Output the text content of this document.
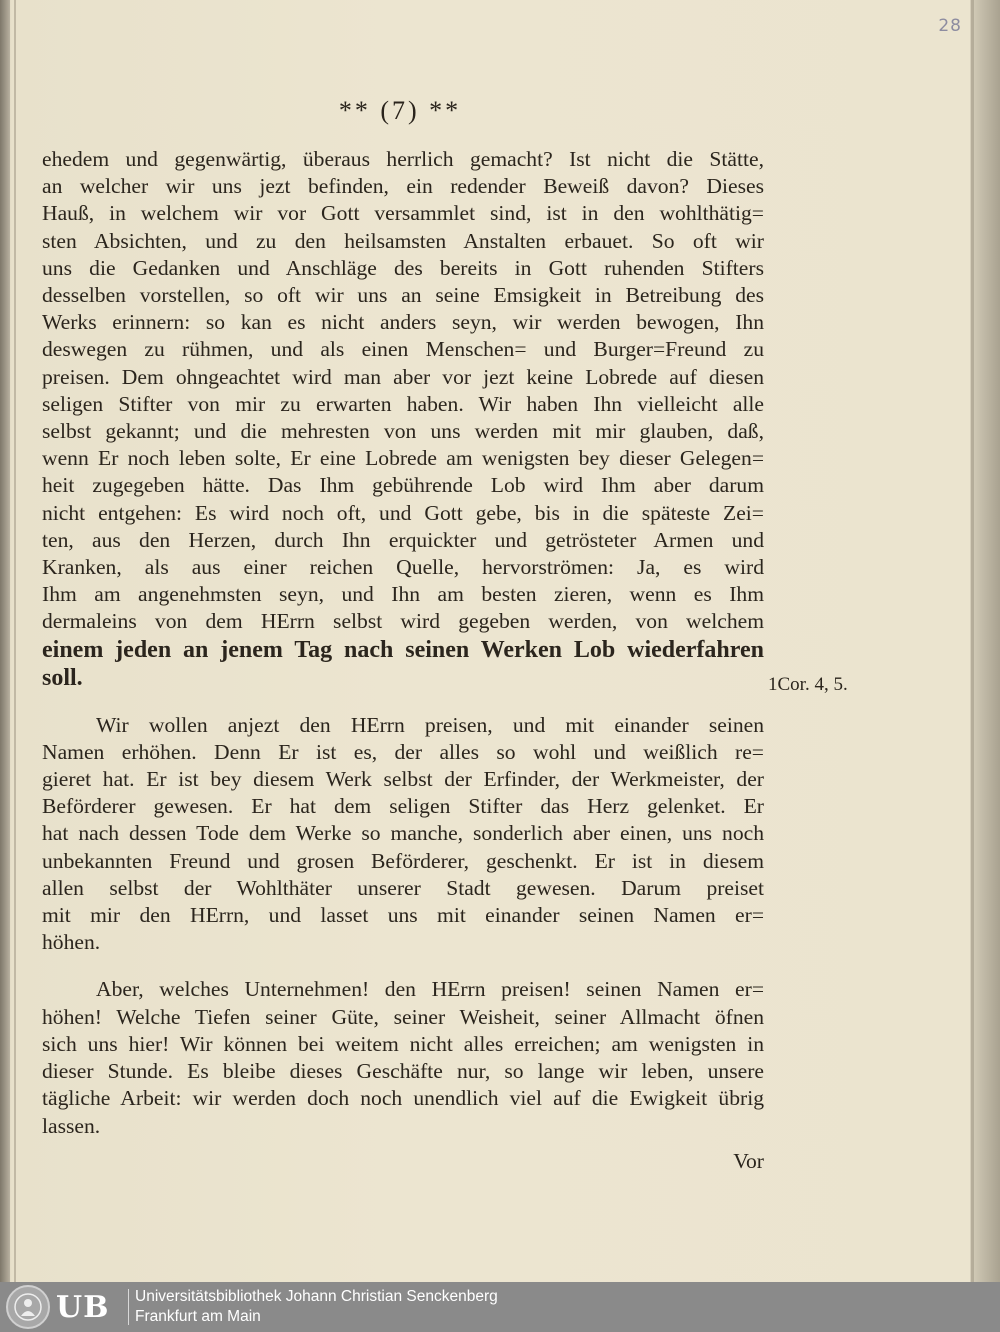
28
** (7) **
ehedem und gegenwärtig, überaus herrlich gemacht? Ist nicht die Stätte,
an welcher wir uns jezt befinden, ein redender Beweiß davon? Dieses
Hauß, in welchem wir vor Gott versammlet sind, ist in den wohlthätig=
sten Absichten, und zu den heilsamsten Anstalten erbauet. So oft wir
uns die Gedanken und Anschläge des bereits in Gott ruhenden Stifters
desselben vorstellen, so oft wir uns an seine Emsigkeit in Betreibung des
Werks erinnern: so kan es nicht anders seyn, wir werden bewogen, Ihn
deswegen zu rühmen, und als einen Menschen= und Burger=Freund zu
preisen. Dem ohngeachtet wird man aber vor jezt keine Lobrede auf diesen
seligen Stifter von mir zu erwarten haben. Wir haben Ihn vielleicht alle
selbst gekannt; und die mehresten von uns werden mit mir glauben, daß,
wenn Er noch leben solte, Er eine Lobrede am wenigsten bey dieser Gelegen=
heit zugegeben hätte. Das Ihm gebührende Lob wird Ihm aber darum
nicht entgehen: Es wird noch oft, und Gott gebe, bis in die späteste Zei=
ten, aus den Herzen, durch Ihn erquickter und getrösteter Armen und
Kranken, als aus einer reichen Quelle, hervorströmen: Ja, es wird
Ihm am angenehmsten seyn, und Ihn am besten zieren, wenn es Ihm
dermaleins von dem HErrn selbst wird gegeben werden, von welchem
einem jeden an jenem Tag nach seinen Werken Lob wiederfahren
soll.
Wir wollen anjezt den HErrn preisen, und mit einander seinen
Namen erhöhen. Denn Er ist es, der alles so wohl und weißlich re=
gieret hat. Er ist bey diesem Werk selbst der Erfinder, der Werkmeister, der
Beförderer gewesen. Er hat dem seligen Stifter das Herz gelenket. Er
hat nach dessen Tode dem Werke so manche, sonderlich aber einen, uns noch
unbekannten Freund und grosen Beförderer, geschenkt. Er ist in diesem
allen selbst der Wohlthäter unserer Stadt gewesen. Darum preiset
mit mir den HErrn, und lasset uns mit einander seinen Namen er=
höhen.
Aber, welches Unternehmen! den HErrn preisen! seinen Namen er=
höhen! Welche Tiefen seiner Güte, seiner Weisheit, seiner Allmacht öfnen
sich uns hier! Wir können bei weitem nicht alles erreichen; am wenigsten in
dieser Stunde. Es bleibe dieses Geschäfte nur, so lange wir leben, unsere
tägliche Arbeit: wir werden doch noch unendlich viel auf die Ewigkeit übrig
lassen.
Vor
1Cor. 4, 5.
UB Universitätsbibliothek Johann Christian Senckenberg
Frankfurt am Main
